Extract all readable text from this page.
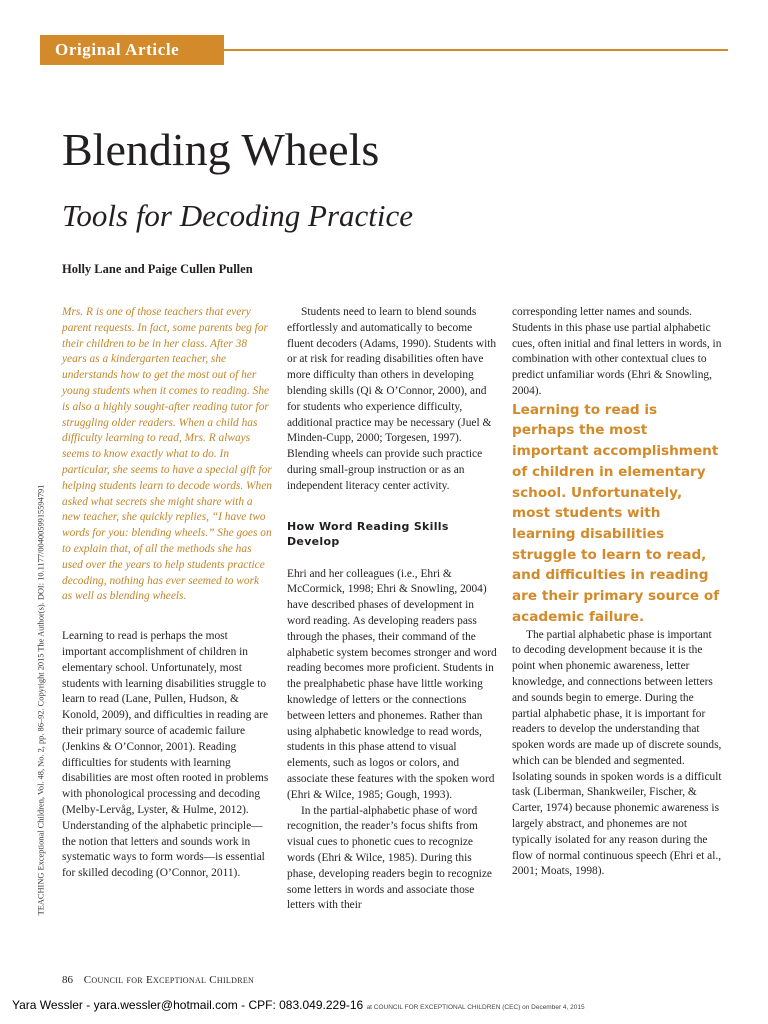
Original Article
Blending Wheels
Tools for Decoding Practice
Holly Lane and Paige Cullen Pullen
TEACHING Exceptional Children, Vol. 48, No. 2, pp. 86–92. Copyright 2015 The Author(s). DOI: 10.1177/0040059915594791

Mrs. R is one of those teachers that every parent requests. In fact, some parents beg for their children to be in her class. After 38 years as a kindergarten teacher, she understands how to get the most out of her young students when it comes to reading. She is also a highly sought-after reading tutor for struggling older readers. When a child has difficulty learning to read, Mrs. R always seems to know exactly what to do. In particular, she seems to have a special gift for helping students learn to decode words. When asked what secrets she might share with a new teacher, she quickly replies, “I have two words for you: blending wheels.” She goes on to explain that, of all the methods she has used over the years to help students practice decoding, nothing has ever seemed to work as well as blending wheels.

Learning to read is perhaps the most important accomplishment of children in elementary school. Unfortunately, most students with learning disabilities struggle to learn to read (Lane, Pullen, Hudson, & Konold, 2009), and difficulties in reading are their primary source of academic failure (Jenkins & O’Connor, 2001). Reading difficulties for students with learning disabilities are most often rooted in problems with phonological processing and decoding (Melby-Lervåg, Lyster, & Hulme, 2012). Understanding of the alphabetic principle—the notion that letters and sounds work in systematic ways to form words—is essential for skilled decoding (O’Connor, 2011).

Students need to learn to blend sounds effortlessly and automatically to become fluent decoders (Adams, 1990). Students with or at risk for reading disabilities often have more difficulty than others in developing blending skills (Qi & O’Connor, 2000), and for students who experience difficulty, additional practice may be necessary (Juel & Minden-Cupp, 2000; Torgesen, 1997). Blending wheels can provide such practice during small-group instruction or as an independent literacy center activity.

How Word Reading Skills Develop

Ehri and her colleagues (i.e., Ehri & McCormick, 1998; Ehri & Snowling, 2004) have described phases of development in word reading. As developing readers pass through the phases, their command of the alphabetic system becomes stronger and word reading becomes more proficient. Students in the prealphabetic phase have little working knowledge of letters or the connections between letters and phonemes. Rather than using alphabetic knowledge to read words, students in this phase attend to visual elements, such as logos or colors, and associate these features with the spoken word (Ehri & Wilce, 1985; Gough, 1993).

In the partial-alphabetic phase of word recognition, the reader’s focus shifts from visual cues to phonetic cues to recognize words (Ehri & Wilce, 1985). During this phase, developing readers begin to recognize some letters in words and associate those letters with their

corresponding letter names and sounds. Students in this phase use partial alphabetic cues, often initial and final letters in words, in combination with other contextual clues to predict unfamiliar words (Ehri & Snowling, 2004).

Learning to read is perhaps the most important accomplishment of children in elementary school. Unfortunately, most students with learning disabilities struggle to learn to read, and difficulties in reading are their primary source of academic failure.

The partial alphabetic phase is important to decoding development because it is the point when phonemic awareness, letter knowledge, and connections between letters and sounds begin to emerge. During the partial alphabetic phase, it is important for readers to develop the understanding that spoken words are made up of discrete sounds, which can be blended and segmented. Isolating sounds in spoken words is a difficult task (Liberman, Shankweiler, Fischer, & Carter, 1974) because phonemic awareness is largely abstract, and phonemes are not typically isolated for any reason during the flow of normal continuous speech (Ehri et al., 2001; Moats, 1998).

86 Council for Exceptional Children
Yara Wessler - yara.wessler@hotmail.com - CPF: 083.049.229-16 at COUNCIL FOR EXCEPTIONAL CHILDREN (CEC) on December 4, 2015
